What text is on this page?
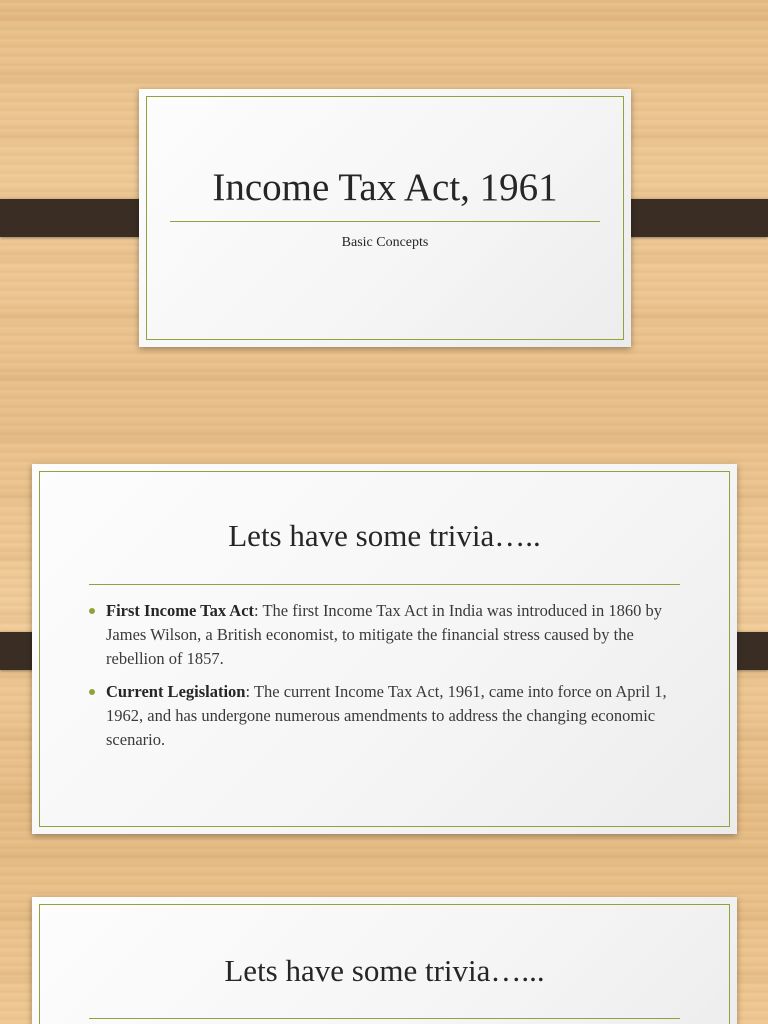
Income Tax Act, 1961

Basic Concepts

Lets have some trivia…..
First Income Tax Act: The first Income Tax Act in India was introduced in 1860 by James Wilson, a British economist, to mitigate the financial stress caused by the rebellion of 1857.
Current Legislation: The current Income Tax Act, 1961, came into force on April 1, 1962, and has undergone numerous amendments to address the changing economic scenario.
Lets have some trivia…...
